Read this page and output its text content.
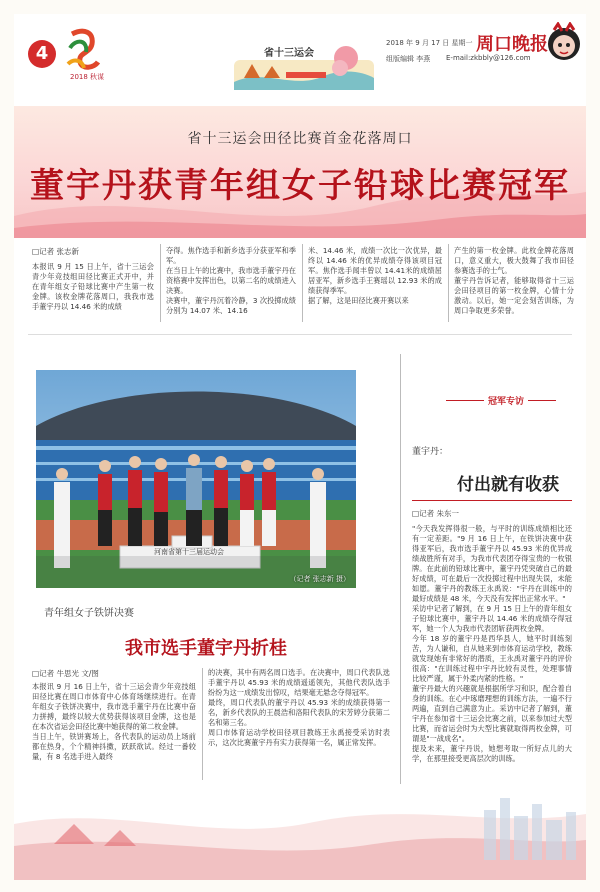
4
2018 秋谋
省十三运会
2018 年 9 月 17 日 星期一
组版编辑 李燕 E-mail:zkbbly@126.com
周口晚报
省十三运会田径比赛首金花落周口
董宇丹获青年组女子铅球比赛冠军
□记者 张志新
本报讯 9 月 15 日上午，省十三运会青少年竞技组田径比赛正式开中，并在青年组女子铅球比赛中产生第一枚金牌。该枚金牌花落周口，我我市选手董宇丹以 14.46 米的成绩
夺得。焦作选手和新乡选手分获亚军和季军。
在当日上午的比赛中，我市选手董宇丹在资格赛中发挥出色，以第二名的成绩进入决赛。
决赛中，董宇丹沉着冷静，3 次投掷成绩分别为 14.07 米、14.16
米、14.46 米，成绩一次比一次优异，最终以 14.46 米的优异成绩夺得该项目冠军。焦作选手闻丰曾以 14.41米的成绩屈居亚军，新乡选手王赛瑶以 12.93 米的成绩获得季军。
据了解，这是田径比赛开赛以来
产生的第一枚金牌。此枚金牌花落周口，意义重大，极大鼓舞了我市田径参赛选手的士气。
董宇丹告诉记者，能够取得省十三运会田径项目的第一枚金牌，心情十分激动。以后，她一定会刻苦训练，为周口争取更多荣誉。
河南省第十三届运动会
（记者 张志新 摄）
冠军专访
董宇丹：
付出就有收获
□记者 朱东一
"今天我发挥得很一般，与平时的训练成绩相比还有一定差距。"9 月 16 日上午，在铁饼决赛中获得亚军后，我市选手董宇丹以 45.93 米的优异成绩战胜所有对手，为我市代表团夺得宝贵的一枚银牌。在此前的铅球比赛中，董宇丹凭突破自己的最好成绩，可在最后一次投掷过程中出现失误，未能如愿。董宇丹的教练王永禹说："宇丹在训练中的最好成绩是 48 米，今天没有发挥出正常水平。"
采访中记者了解到，在 9 月 15 日上午的青年组女子铅球比赛中，董宇丹以 14.46 米的成绩夺得冠军，她一个人为我市代表团斩获两枚金牌。
今年 18 岁的董宇丹是西华县人，她平时训练刻苦，为人谦和，自从她来到市体育运动学校，教练就发现她有非常好的潜质，王永禹对董宇丹的评价很高："在训练过程中宇丹比较有灵性，处理事情比较严谨，属于外柔内紧的性格。"
董宇丹最大的兴趣就是根据所学习和识，配合着自身的训练。在心中琢磨理想的训练方法，一遍不行两遍，直到自己满意为止。采访中记者了解到，董宇丹在参加省十三运会比赛之前，以来参加过大型比赛，而省运会时为大型比赛就取得两枚金牌，可谓是"一战成名"。
提及未来，董宇丹说，她想考取一所好点儿的大学，在那里接受更高层次的训练。
青年组女子铁饼决赛
我市选手董宇丹折桂
□记者 牛思光 文/图
本报讯 9 月 16 日上午，省十三运会青少年竞技组田径比赛在周口市体育中心体育场继续进行。在青年组女子铁饼决赛中，我市选手董宇丹在比赛中奋力拼搏，最终以较大优势获得该项目金牌，这也是在本次省运会田径比赛中她获得的第二枚金牌。
当日上午，铁饼赛场上，各代表队的运动员上场前都在热身，个个精神抖擞，跃跃欲试。经过一番较量，有 8 名选手进入最终
的决赛，其中有两名周口选手。在决赛中，周口代表队选手董宇丹以 45.93 米的成绩遥遥领先，其他代表队选手纷纷为这一成绩发出惊叹，结果毫无悬念夺得冠军。
最终，周口代表队的董宇丹以 45.93 米的成绩获得第一名，新乡代表队的王晨浩和洛阳代表队的宋芳婷分获第二名和第三名。
周口市体育运动学校田径项目教练王永禹接受采访时表示，这次比赛董宇丹有实力获得第一名，属正常发挥。
